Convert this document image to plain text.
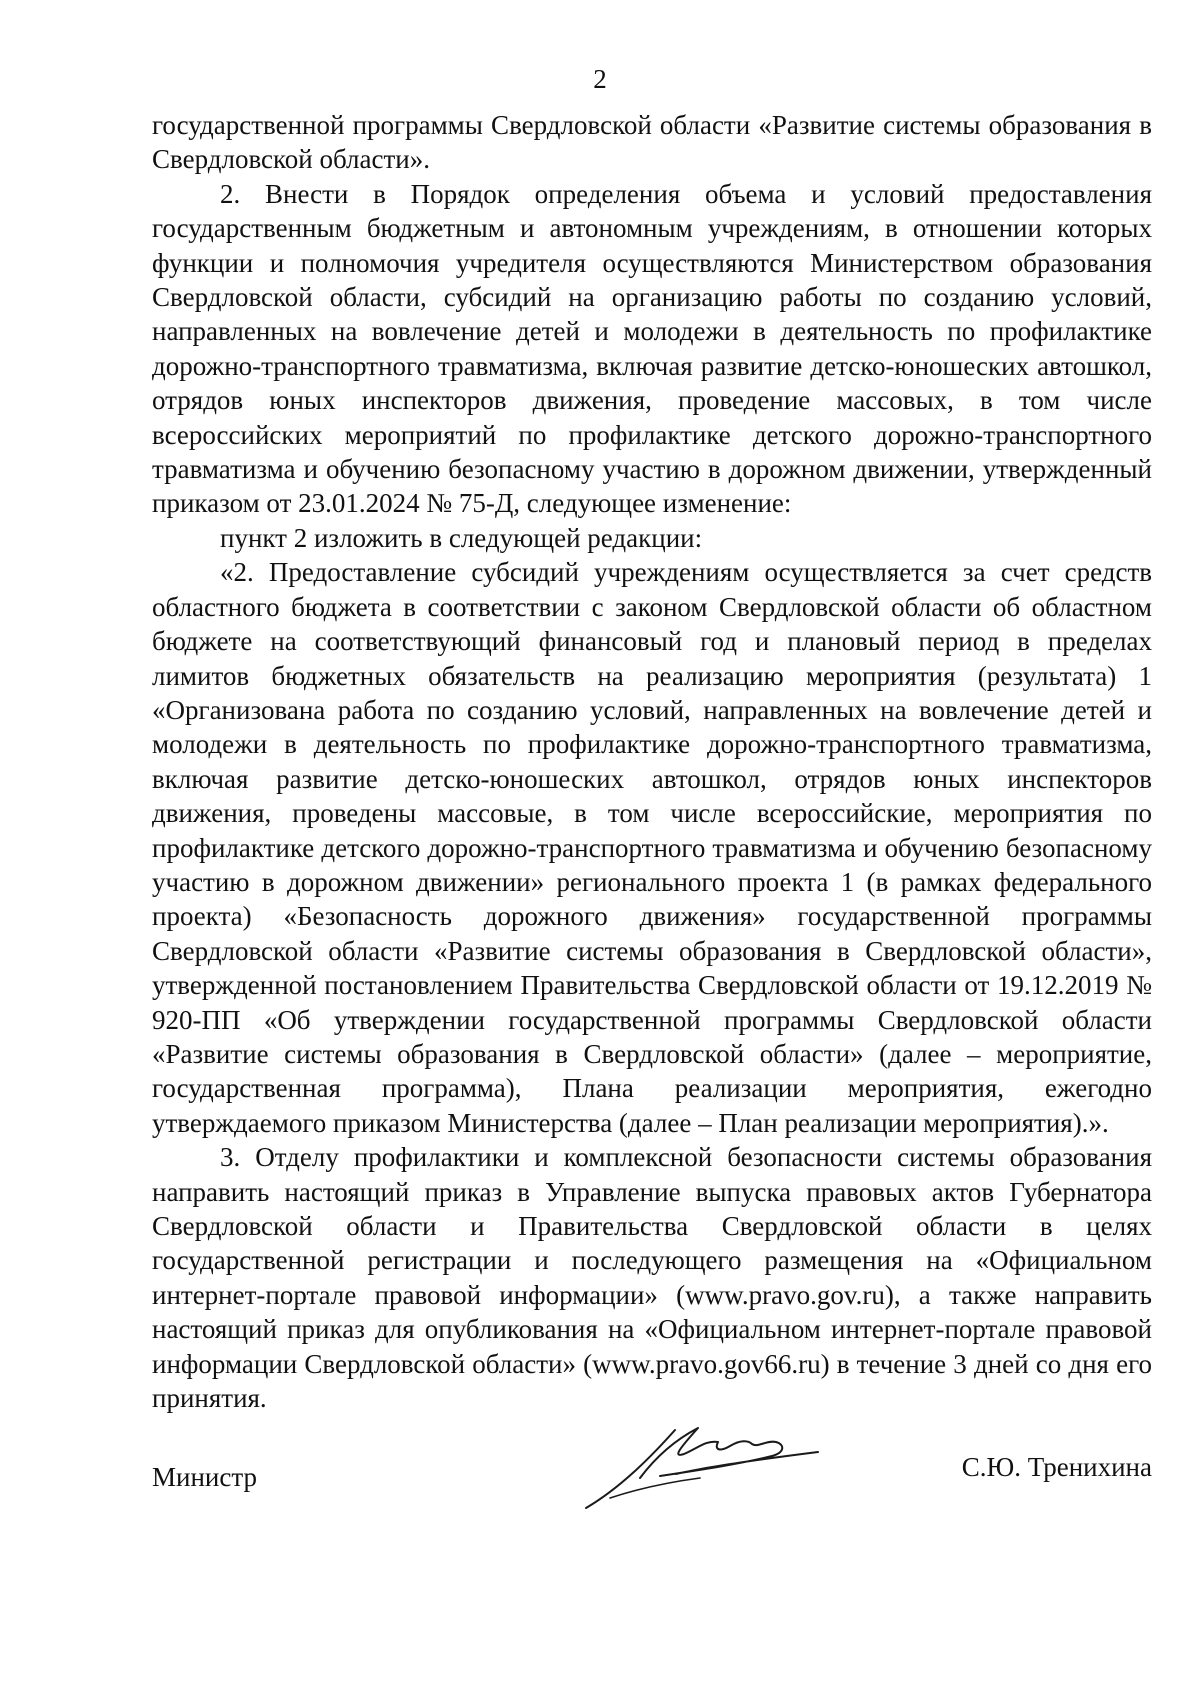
2

государственной программы Свердловской области «Развитие системы образования в Свердловской области».

2. Внести в Порядок определения объема и условий предоставления государственным бюджетным и автономным учреждениям, в отношении которых функции и полномочия учредителя осуществляются Министерством образования Свердловской области, субсидий на организацию работы по созданию условий, направленных на вовлечение детей и молодежи в деятельность по профилактике дорожно-транспортного травматизма, включая развитие детско-юношеских автошкол, отрядов юных инспекторов движения, проведение массовых, в том числе всероссийских мероприятий по профилактике детского дорожно-транспортного травматизма и обучению безопасному участию в дорожном движении, утвержденный приказом от 23.01.2024 № 75-Д, следующее изменение:

пункт 2 изложить в следующей редакции:

«2. Предоставление субсидий учреждениям осуществляется за счет средств областного бюджета в соответствии с законом Свердловской области об областном бюджете на соответствующий финансовый год и плановый период в пределах лимитов бюджетных обязательств на реализацию мероприятия (результата) 1 «Организована работа по созданию условий, направленных на вовлечение детей и молодежи в деятельность по профилактике дорожно-транспортного травматизма, включая развитие детско-юношеских автошкол, отрядов юных инспекторов движения, проведены массовые, в том числе всероссийские, мероприятия по профилактике детского дорожно-транспортного травматизма и обучению безопасному участию в дорожном движении» регионального проекта 1 (в рамках федерального проекта) «Безопасность дорожного движения» государственной программы Свердловской области «Развитие системы образования в Свердловской области», утвержденной постановлением Правительства Свердловской области от 19.12.2019 № 920-ПП «Об утверждении государственной программы Свердловской области «Развитие системы образования в Свердловской области» (далее – мероприятие, государственная программа), Плана реализации мероприятия, ежегодно утверждаемого приказом Министерства (далее – План реализации мероприятия).».

3. Отделу профилактики и комплексной безопасности системы образования направить настоящий приказ в Управление выпуска правовых актов Губернатора Свердловской области и Правительства Свердловской области в целях государственной регистрации и последующего размещения на «Официальном интернет-портале правовой информации» (www.pravo.gov.ru), а также направить настоящий приказ для опубликования на «Официальном интернет-портале правовой информации Свердловской области» (www.pravo.gov66.ru) в течение 3 дней со дня его принятия.

Министр	С.Ю. Тренихина
